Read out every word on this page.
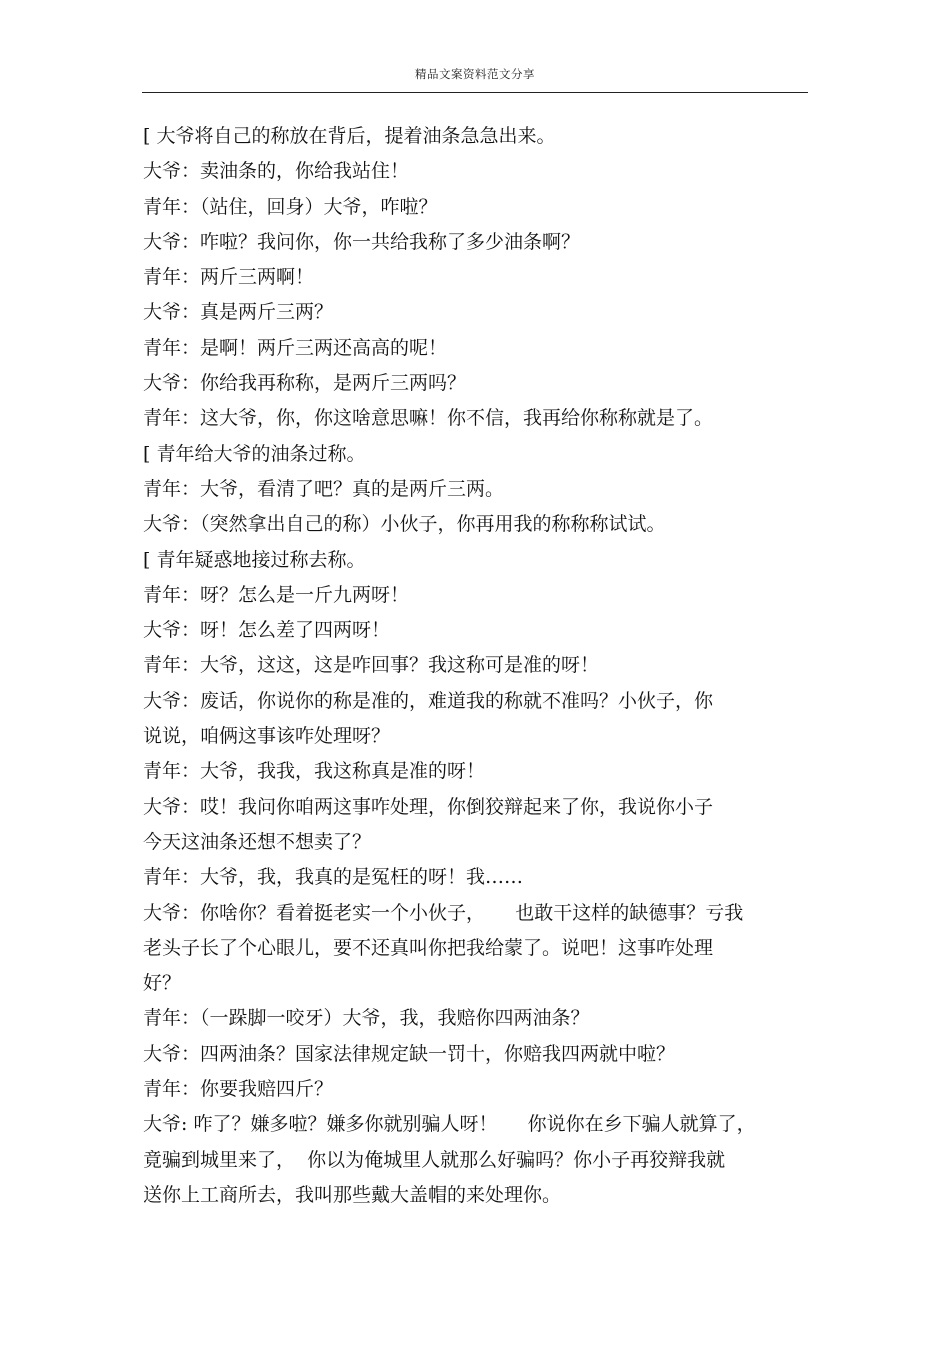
精品文案资料范文分享
[ 大爷将自己的称放在背后，提着油条急急出来。
大爷：卖油条的，你给我站住！
青年：（站住，回身）大爷，咋啦？
大爷：咋啦？我问你，你一共给我称了多少油条啊？
青年：两斤三两啊！
大爷：真是两斤三两？
青年：是啊！两斤三两还高高的呢！
大爷：你给我再称称，是两斤三两吗？
青年：这大爷，你，你这啥意思嘛！你不信，我再给你称称就是了。
[ 青年给大爷的油条过称。
青年：大爷，看清了吧？真的是两斤三两。
大爷：（突然拿出自己的称）小伙子，你再用我的称称称试试。
[ 青年疑惑地接过称去称。
青年：呀？怎么是一斤九两呀！
大爷：呀！怎么差了四两呀！
青年：大爷，这这，这是咋回事？我这称可是准的呀！
大爷：废话，你说你的称是准的，难道我的称就不准吗？小伙子，你
说说，咱俩这事该咋处理呀？
青年：大爷，我我，我这称真是准的呀！
大爷：哎！我问你咱两这事咋处理，你倒狡辩起来了你，我说你小子
今天这油条还想不想卖了？
青年：大爷，我，我真的是冤枉的呀！我……
大爷：你啥你？看着挺老实一个小伙子，     也敢干这样的缺德事？亏我
老头子长了个心眼儿，要不还真叫你把我给蒙了。说吧！这事咋处理
好？
青年：（一跺脚一咬牙）大爷，我，我赔你四两油条？
大爷：四两油条？国家法律规定缺一罚十，你赔我四两就中啦？
青年：你要我赔四斤？
大爷: 咋了？嫌多啦？嫌多你就别骗人呀！     你说你在乡下骗人就算了，
竟骗到城里来了，  你以为俺城里人就那么好骗吗？你小子再狡辩我就
送你上工商所去，我叫那些戴大盖帽的来处理你。
